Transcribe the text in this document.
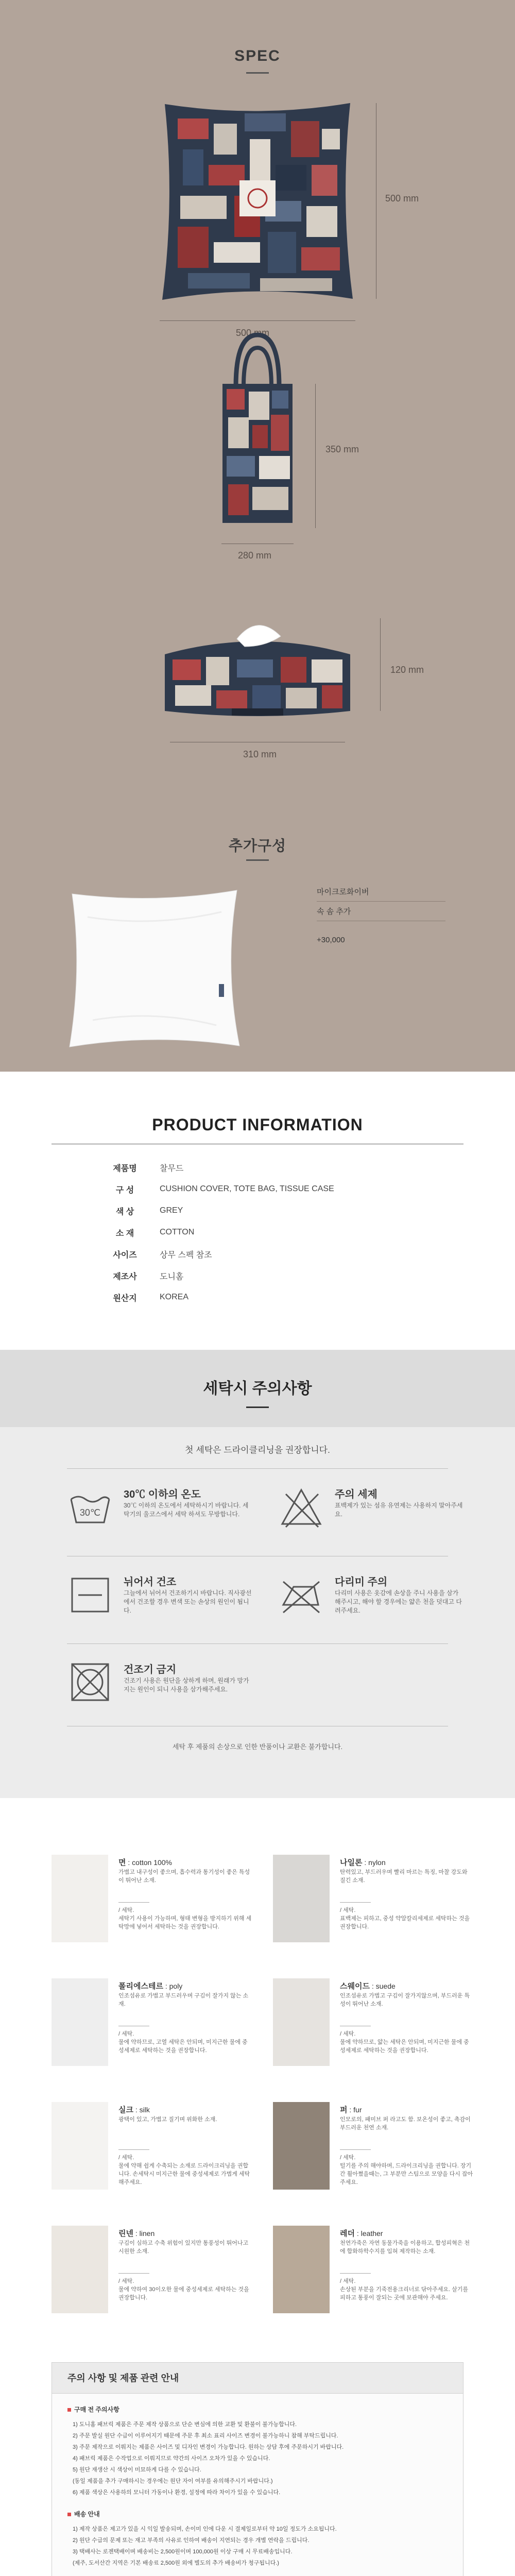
SPEC
500 mm
500 mm
350 mm
280 mm
120 mm
310 mm
추가구성
마이크로화이버
속 솜 추가
+30,000
PRODUCT INFORMATION
제품명	찰무드
구 성	CUSHION COVER, TOTE BAG, TISSUE CASE
색 상	GREY
소 재	COTTON
사이즈	상무 스펙 참조
제조사	도니홈
원산지	KOREA
세탁시 주의사항
첫 세탁은 드라이클리닝을 권장합니다.
30℃
30℃ 이하의 온도
30℃ 이하의 온도에서 세탁하시기 바랍니다. 세탁기의 울코스에서 세탁 하셔도 무방합니다.
주의 세제
표백제가 있는 섬유 유연제는 사용하지 말아주세요.
뉘어서 건조
그늘에서 뉘어서 건조하기시 바랍니다. 직사광선에서 건조할 경우 변색 또는 손상의 원인이 됩니다.
다리미 주의
다리미 사용은 옷감에 손상을 주니 사용을 삼가해주시고, 해야 할 경우에는 얇은 천을 덧대고 다려주세요.
건조기 금지
건조기 사용은 원단을 상하게 하며, 원래가 망가지는 원인이 되니 사용을 삼가해주세요.
세탁 후 제품의 손상으로 인한 반품이나 교환은 불가합니다.
면 : cotton 100%
가볍고 내구성이 좋으며, 흡수력과 통기성이 좋은 특성이 뛰어난 소재.
/ 세탁.
세탁기 사용이 가능하며, 형태 변형을 방지하기 위해 세탁망에 넣어서 세탁하는 것을 권장합니다.
나일론 : nylon
탄력있고, 부드러우며 빨리 마르는 특징, 마찰 강도와 질긴 소재.
/ 세탁.
표백제는 피하고, 중성 약알칼리세제로 세탁하는 것을 권장합니다.
폴리에스테르 : poly
인조섬유로 가볍고 부드러우며 구김이 잘가지 않는 소재.
/ 세탁.
물에 약하므로, 고열 세탁은 안되며, 미지근한 물에 중성세제로 세탁하는 것을 권장합니다.
스웨이드 : suede
인조섬유로 가볍고 구김이 잘가지않으며, 부드러운 특성이 뛰어난 소재.
/ 세탁.
물에 약하므로, 얇는 세탁은 안되며, 미지근한 물에 중성세제로 세탁하는 것을 권장합니다.
실크 : silk
광택이 있고, 가볍고 질기며 위화한 소재.
/ 세탁.
물에 약해 쉽게 수축되는 소재로 드라이크리닝을 권합니다. 손세탁시 미지근한 물에 중성세제로 가볍게 세탁해주세요.
퍼 : fur
인모로의, 패미브 퍼 라고도 함. 보온성이 좋고, 촉감이 부드러운 천연 소재.
/ 세탁.
털기를 주의 해야하며, 드라이크리닝을 권합니다. 장기간 휠아쪘을때는, 그 부분만 스팀으로 모양을 다시 잡아주세요.
린넨 : linen
구김이 심하고 수축 위험이 있지만 통풍성이 뛰어나고 시원한 소재.
/ 세탁.
물에 약하여 30이오한 물에 중성세제로 세탁하는 것을 권장합니다.
레더 : leather
천연가죽은 자연 동물가죽을 이용하고, 합성피혁은 천에 합화하학수지를 입혀 제작하는 소재.
/ 세탁.
손상된 부분을 기죽전용크리너로 닦아주세요. 살기를 피하고 통풍이 잘되는 곳에 보관해야 주세요.
주의 사항 및 제품 관련 안내
구매 전 주의사항
1) 도니홈 패브릭 제품은 주문 제작 상품으로 단순 변심에 의한 교환 및 환불이 불가능합니다.
2) 주문 발실 원단 수급이 이루어지기 때문에 주문 후 최소 표리 사이즈 변경이 불가능하니 참해 부탁드립니다.
3) 주문 제작으로 이뤄지는 제품은 사이즈 및 디자인 변경이 가능합니다. 원하는 상담 후에 주문하시기 바랍니다.
4) 패브릭 제품은 수작업으로 이뤄지므로 약간의 사이즈 오차가 있을 수 있습니다.
5) 원단 재생산 시 색상이 미묘하게 다를 수 있습니다.
(동일 제품을 추가 구매하시는 경우에는 원단 자이 여부를 유의해주시기 바랍니다.)
6) 제품 색상은 사용하의 모니터 가동이나 환경, 설정에 따라 차이가 있을 수 있습니다.
배송 안내
1) 제작 상품은 제고가 있을 시 익일 발송되며, 손이미 인에 다운 시 결제일로부터 약 10일 정도가 소요됩니다.
2) 원단 수급의 문제 또는 재고 부족의 사유로 인하여 배송이 지연되는 경우 개별 연락을 드립니다.
3) 택배사는 로젠택배이며 배송비는 2,500원이며 100,000원 이상 구매 시 무료배송입니다.
(제주, 도서산간 지역은 기본 배송료 2,500원 외에 별도의 추가 배송비가 청구됩니다.)
